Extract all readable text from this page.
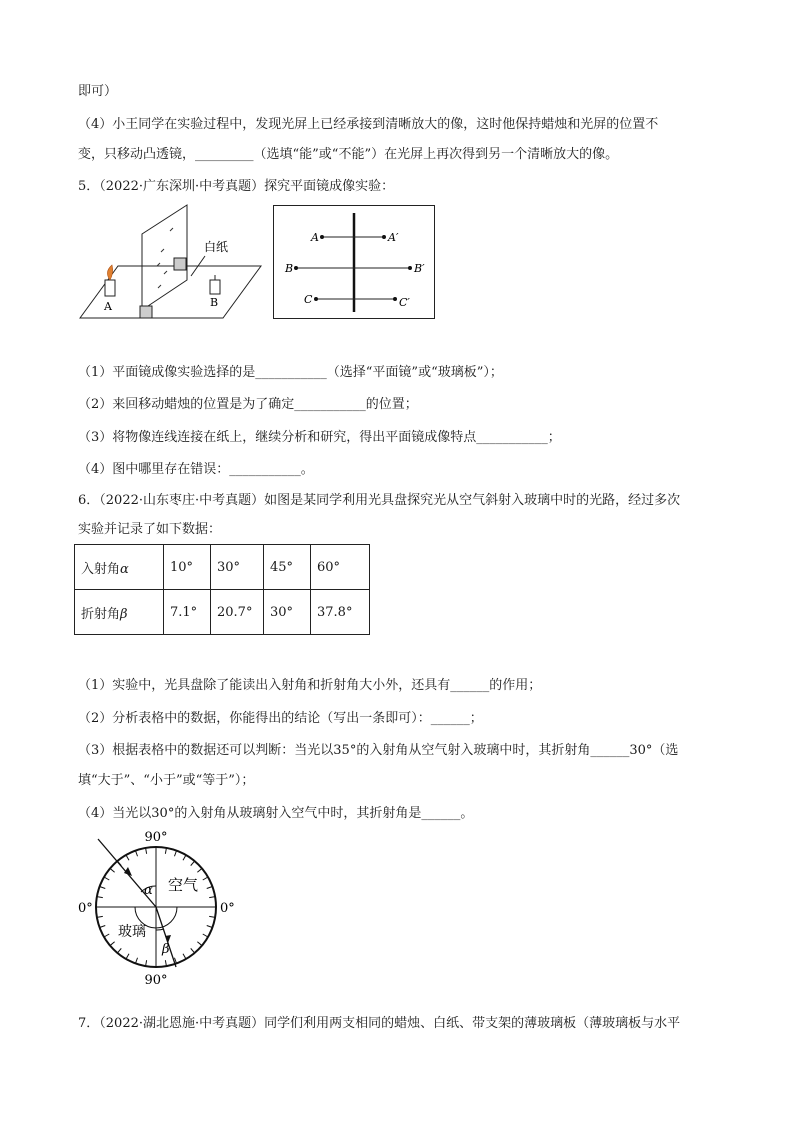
即可）
（4）小王同学在实验过程中，发现光屏上已经承接到清晰放大的像，这时他保持蜡烛和光屏的位置不
变，只移动凸透镜，_________（选填“能”或“不能”）在光屏上再次得到另一个清晰放大的像。
5．（2022·广东深圳·中考真题）探究平面镜成像实验：
白纸
A	B
A	A′
B	B′
C	C′
（1）平面镜成像实验选择的是___________（选择“平面镜”或“玻璃板”）；
（2）来回移动蜡烛的位置是为了确定___________的位置；
（3）将物像连线连接在纸上，继续分析和研究，得出平面镜成像特点___________；
（4）图中哪里存在错误：___________。
6．（2022·山东枣庄·中考真题）如图是某同学利用光具盘探究光从空气斜射入玻璃中时的光路，经过多次
实验并记录了如下数据：
入射角α	10°	30°	45°	60°
折射角β	7.1°	20.7°	30°	37.8°
（1）实验中，光具盘除了能读出入射角和折射角大小外，还具有______的作用；
（2）分析表格中的数据，你能得出的结论（写出一条即可）：______；
（3）根据表格中的数据还可以判断：当光以35°的入射角从空气射入玻璃中时，其折射角______30°（选
填“大于”、“小于”或“等于”）；
（4）当光以30°的入射角从玻璃射入空气中时，其折射角是______。
90°
90°
0°	0°
空气
玻璃
α
β
7．（2022·湖北恩施·中考真题）同学们利用两支相同的蜡烛、白纸、带支架的薄玻璃板（薄玻璃板与水平
